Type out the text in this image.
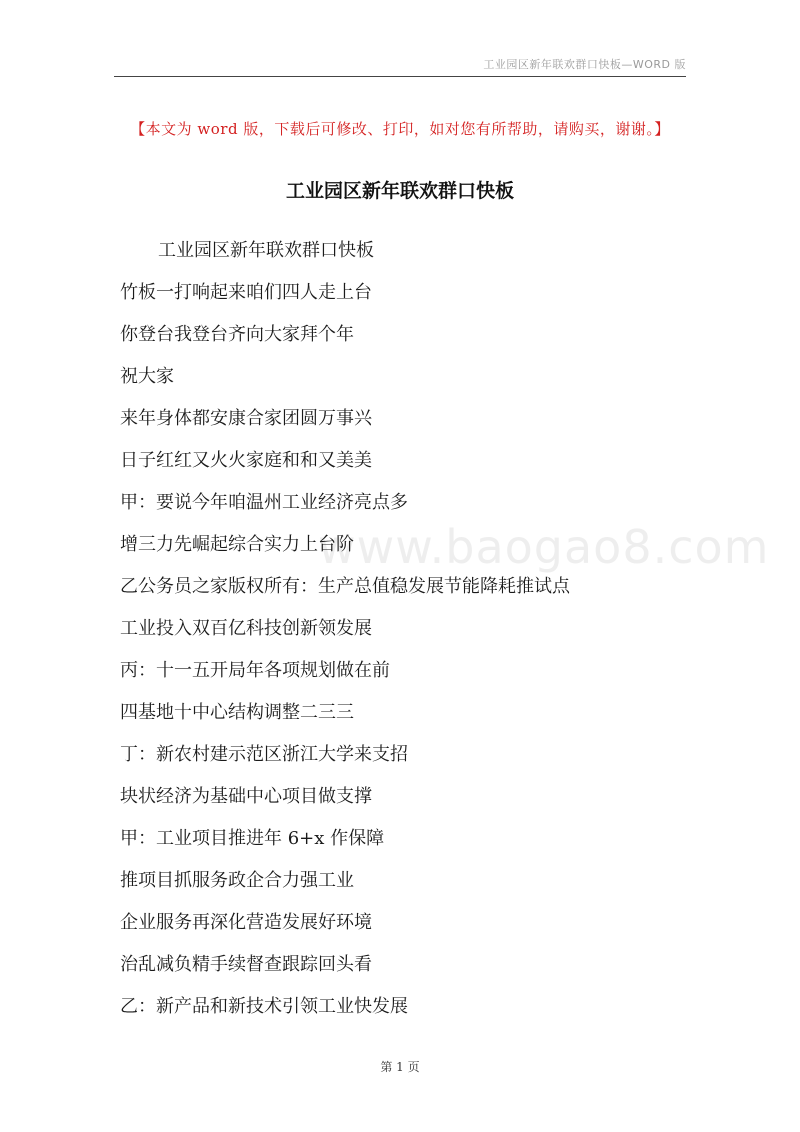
工业园区新年联欢群口快板—WORD 版
【本文为 word 版，下载后可修改、打印，如对您有所帮助，请购买，谢谢。】
工业园区新年联欢群口快板
www.baogao8.com
工业园区新年联欢群口快板
竹板一打响起来咱们四人走上台
你登台我登台齐向大家拜个年
祝大家
来年身体都安康合家团圆万事兴
日子红红又火火家庭和和又美美
甲：要说今年咱温州工业经济亮点多
增三力先崛起综合实力上台阶
乙公务员之家版权所有：生产总值稳发展节能降耗推试点
工业投入双百亿科技创新领发展
丙：十一五开局年各项规划做在前
四基地十中心结构调整二三三
丁：新农村建示范区浙江大学来支招
块状经济为基础中心项目做支撑
甲：工业项目推进年 6+x 作保障
推项目抓服务政企合力强工业
企业服务再深化营造发展好环境
治乱减负精手续督查跟踪回头看
乙：新产品和新技术引领工业快发展
第 1 页
